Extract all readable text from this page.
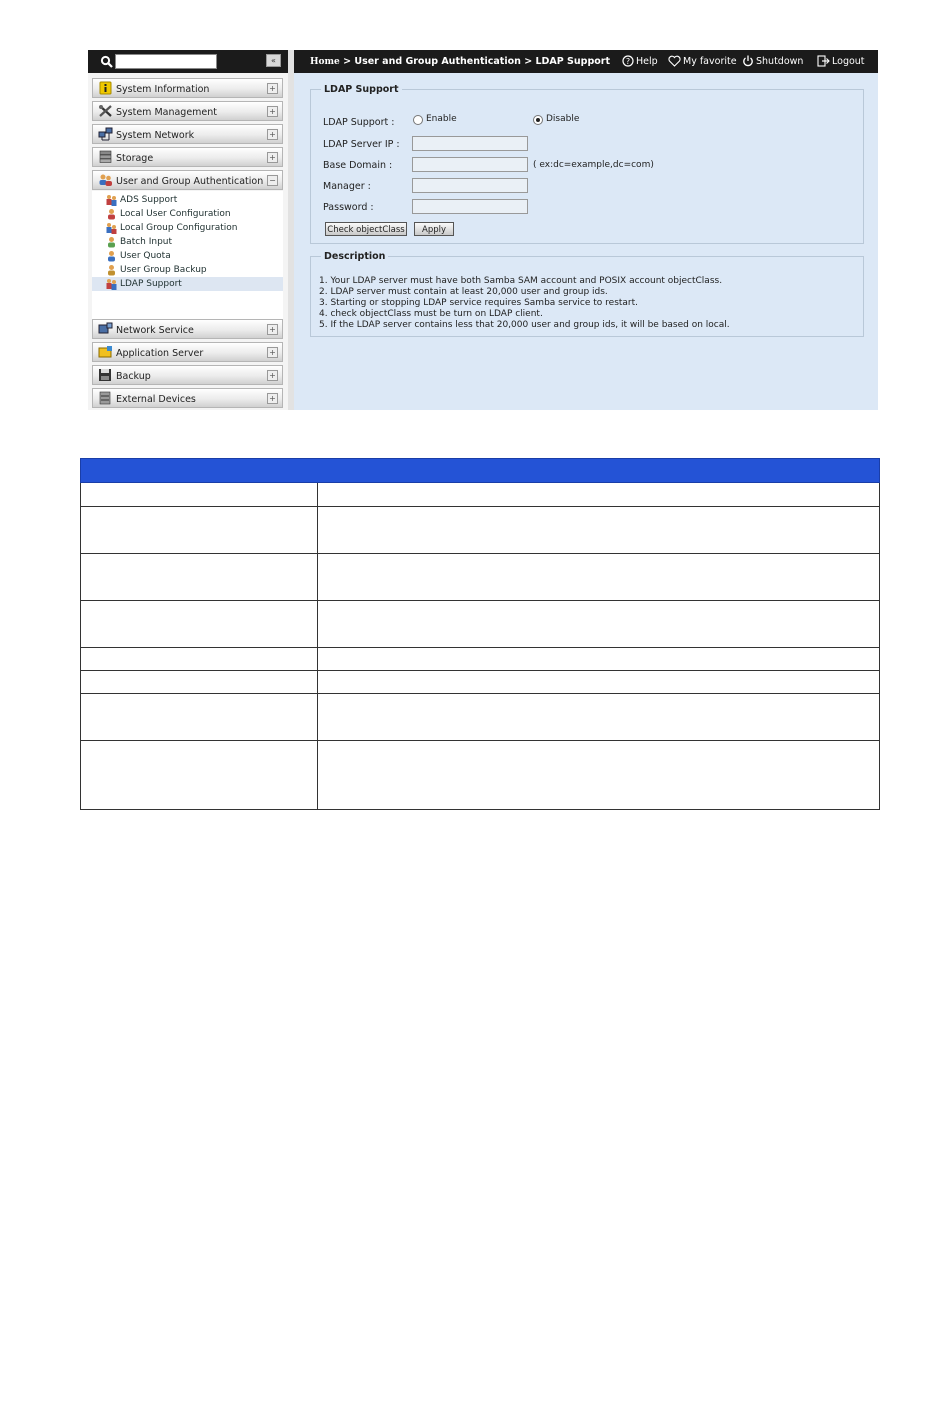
«
System Information	+
System Management	+
System Network	+
Storage	+
User and Group Authentication −
ADS Support
Local User Configuration
Local Group Configuration
Batch Input
User Quota
User Group Backup
LDAP Support
Network Service	+
Application Server	+
Backup	+
External Devices	+
Home > User and Group Authentication > LDAP Support ? Help	My favorite	Shutdown	Logout
LDAP Support
LDAP Support :	Enable	Disable
LDAP Server IP :
Base Domain :	( ex:dc=example,dc=com)
Manager :
Password :
Check objectClass	Apply
Description
1. Your LDAP server must have both Samba SAM account and POSIX account objectClass.
2. LDAP server must contain at least 20,000 user and group ids.
3. Starting or stopping LDAP service requires Samba service to restart.
4. check objectClass must be turn on LDAP client.
5. If the LDAP server contains less that 20,000 user and group ids, it will be based on local.
